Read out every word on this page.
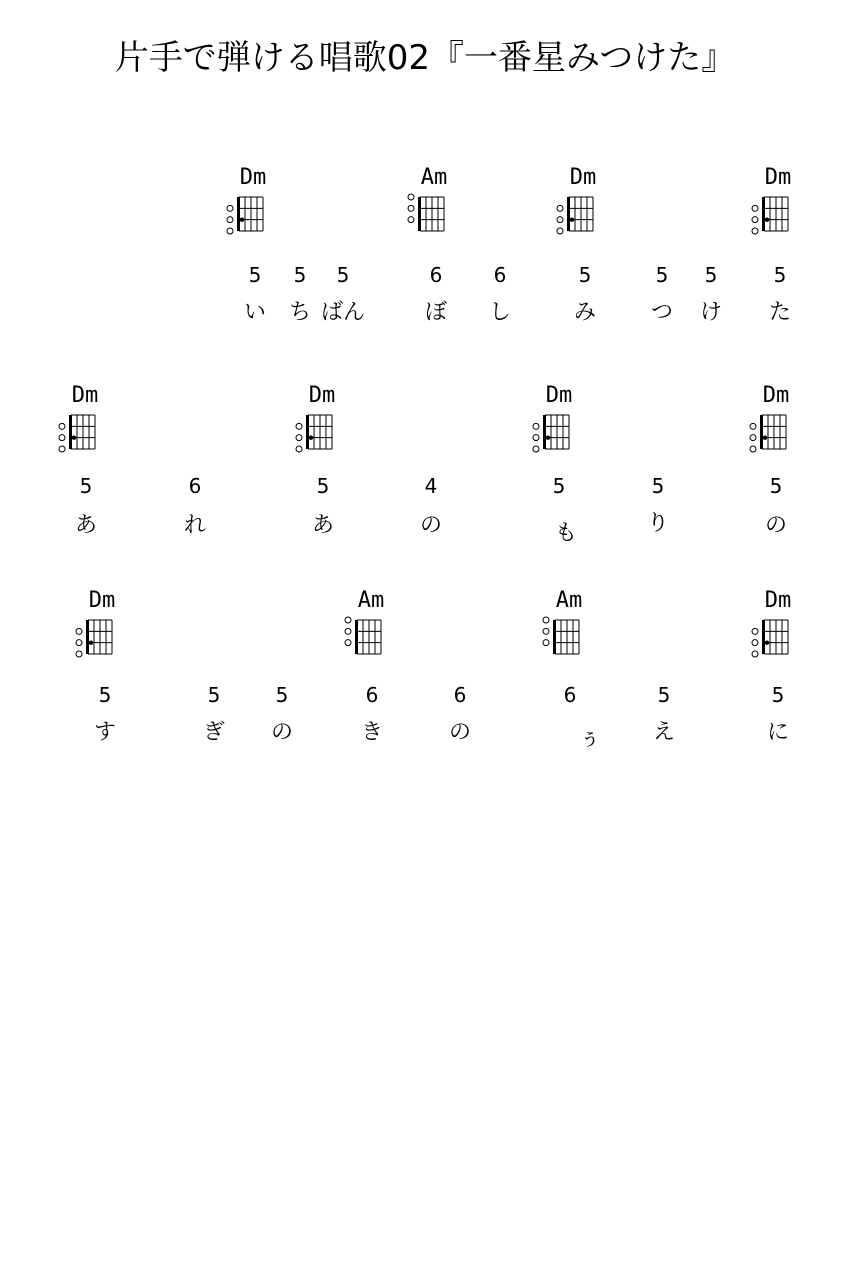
片手で弾ける唱歌02『一番星みつけた』
Dm	Am	Dm	Dm
5	5	5	6	6	5	5	5	5
い ち ばん	ぼ し	み つ け た
Dm	Dm	Dm	Dm
5	6	5	4	5	5	5
あ	れ	あ	の	も	り	の
Dm	Am	Am	Dm
5	5	5	6	6	6	5	5
す	ぎ の	き	の	ぅ え	に
